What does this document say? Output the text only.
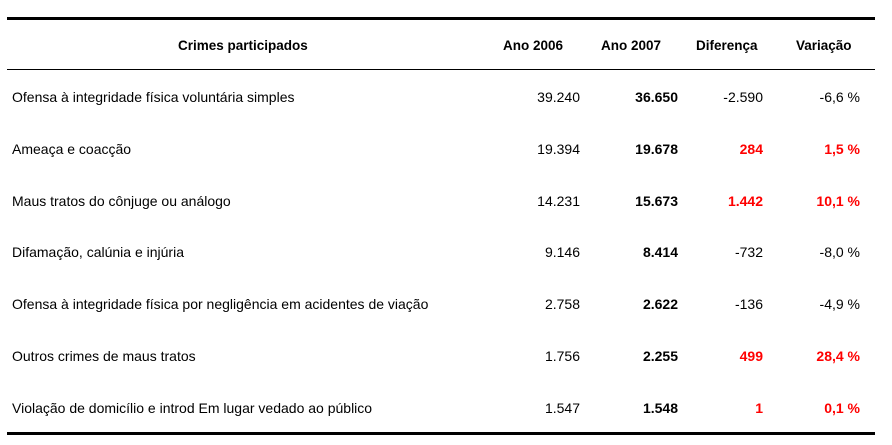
Crimes participados	Ano 2006	Ano 2007	Diferença	Variação
Ofensa à integridade física voluntária simples	39.240	36.650	-2.590	-6,6 %
Ameaça e coacção	19.394	19.678	284	1,5 %
Maus tratos do cônjuge ou análogo	14.231	15.673	1.442	10,1 %
Difamação, calúnia e injúria	9.146	8.414	-732	-8,0 %
Ofensa à integridade física por negligência em acidentes de viação	2.758	2.622	-136	-4,9 %
Outros crimes de maus tratos	1.756	2.255	499	28,4 %
Violação de domicílio e introd Em lugar vedado ao público	1.547	1.548	1	0,1 %
